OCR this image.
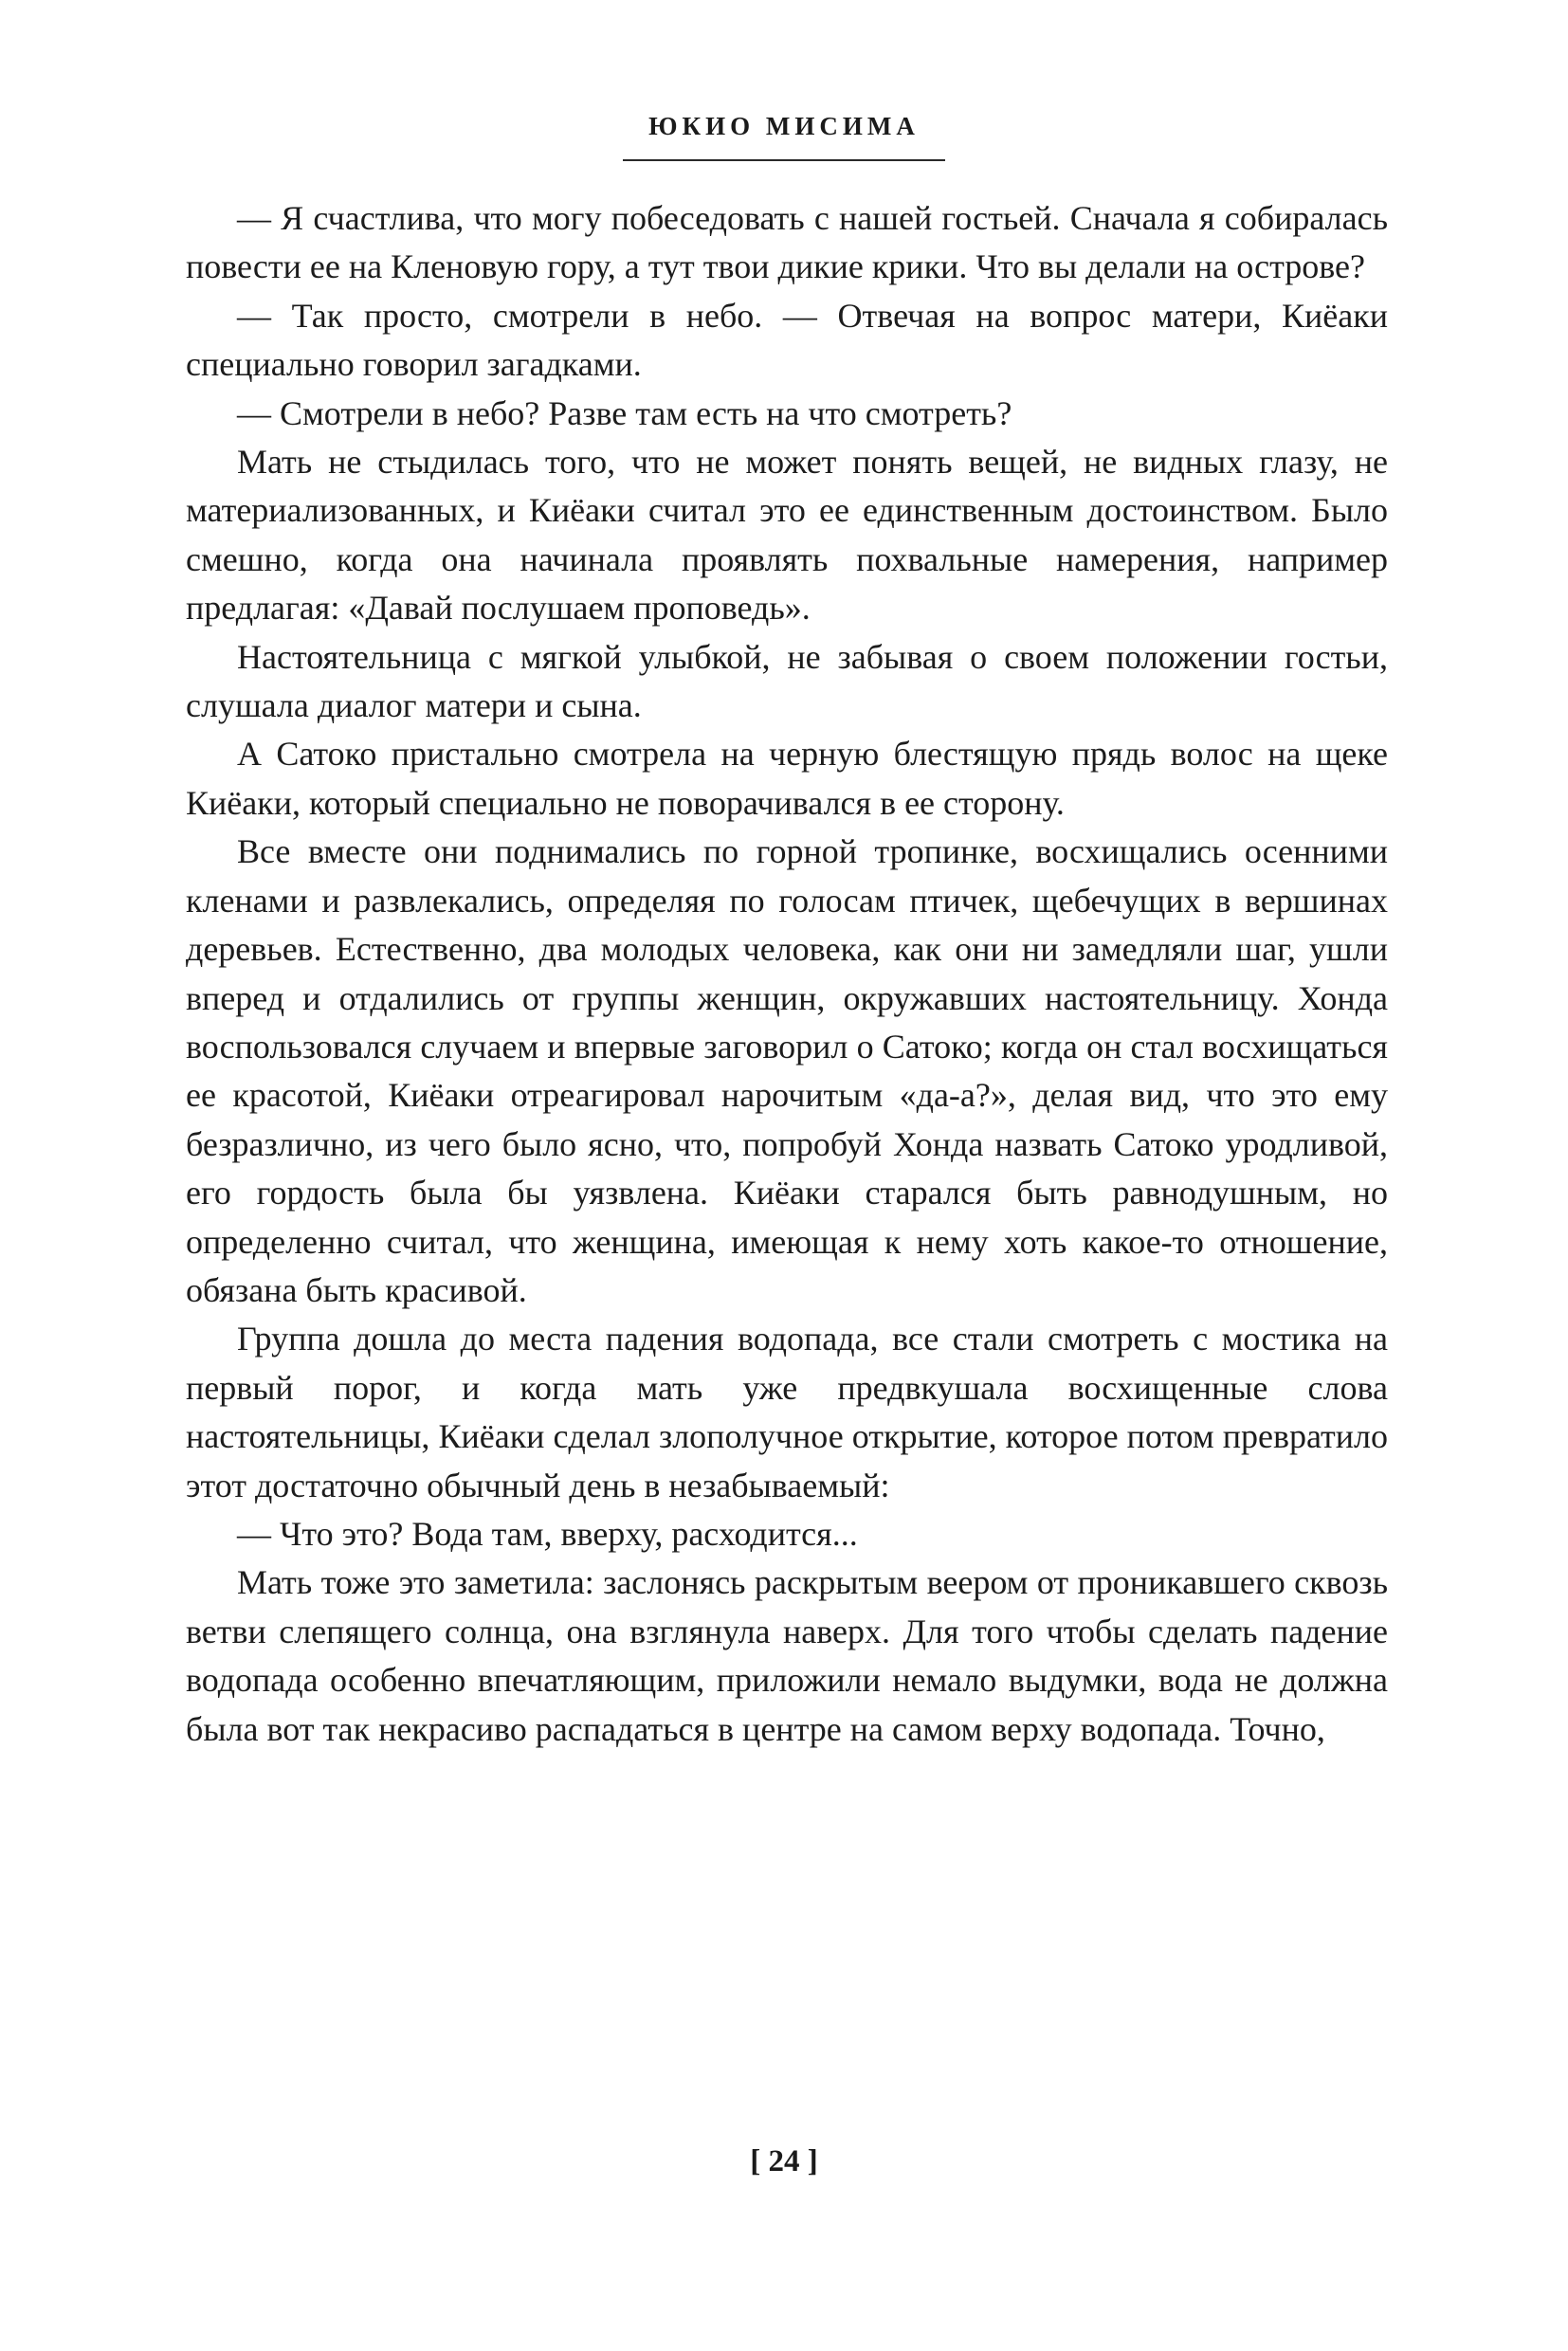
ЮКИО МИСИМА

— Я счастлива, что могу побеседовать с нашей гостьей. Сначала я собиралась повести ее на Кленовую гору, а тут твои дикие крики. Что вы делали на острове?

— Так просто, смотрели в небо. — Отвечая на вопрос матери, Киёаки специально говорил загадками.

— Смотрели в небо? Разве там есть на что смотреть?

Мать не стыдилась того, что не может понять вещей, не видных глазу, не материализованных, и Киёаки считал это ее единственным достоинством. Было смешно, когда она начинала проявлять похвальные намерения, например предлагая: «Давай послушаем проповедь».

Настоятельница с мягкой улыбкой, не забывая о своем положении гостьи, слушала диалог матери и сына.

А Сатоко пристально смотрела на черную блестящую прядь волос на щеке Киёаки, который специально не поворачивался в ее сторону.

Все вместе они поднимались по горной тропинке, восхищались осенними кленами и развлекались, определяя по голосам птичек, щебечущих в вершинах деревьев. Естественно, два молодых человека, как они ни замедляли шаг, ушли вперед и отдалились от группы женщин, окружавших настоятельницу. Хонда воспользовался случаем и впервые заговорил о Сатоко; когда он стал восхищаться ее красотой, Киёаки отреагировал нарочитым «да-а?», делая вид, что это ему безразлично, из чего было ясно, что, попробуй Хонда назвать Сатоко уродливой, его гордость была бы уязвлена. Киёаки старался быть равнодушным, но определенно считал, что женщина, имеющая к нему хоть какое-то отношение, обязана быть красивой.

Группа дошла до места падения водопада, все стали смотреть с мостика на первый порог, и когда мать уже предвкушала восхищенные слова настоятельницы, Киёаки сделал злополучное открытие, которое потом превратило этот достаточно обычный день в незабываемый:

— Что это? Вода там, вверху, расходится...

Мать тоже это заметила: заслонясь раскрытым веером от проникавшего сквозь ветви слепящего солнца, она взглянула наверх. Для того чтобы сделать падение водопада особенно впечатляющим, приложили немало выдумки, вода не должна была вот так некрасиво распадаться в центре на самом верху водопада. Точно,

[ 24 ]
